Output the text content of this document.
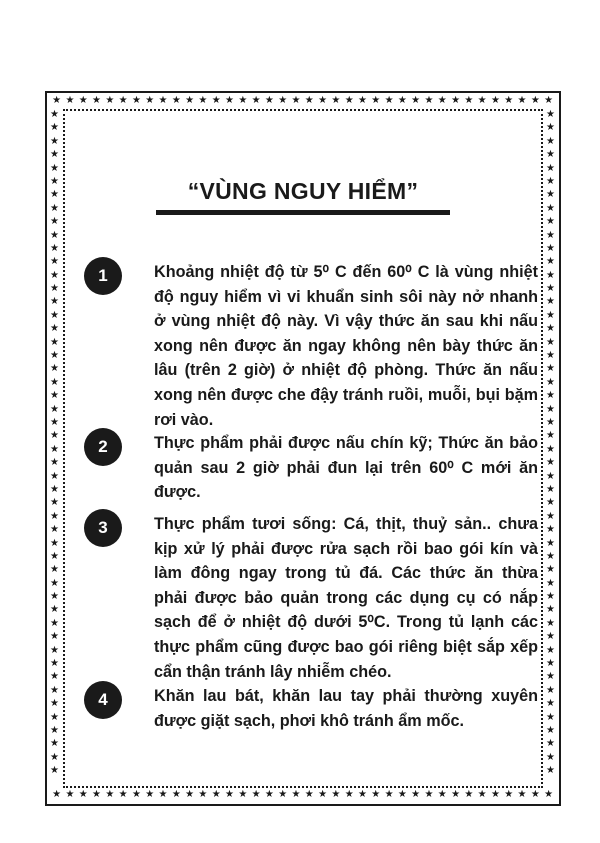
★ ★ ★ ★ ★ ★ ★ ★ ★ ★ ★ ★ ★ ★ ★ ★ ★ ★ ★ ★ ★ ★ ★ ★ ★ ★ ★ ★ ★ ★ ★ ★ ★ ★ ★ ★ ★ ★
★ ★ ★ ★ ★ ★ ★ ★ ★ ★ ★ ★ ★ ★ ★ ★ ★ ★ ★ ★ ★ ★ ★ ★ ★ ★ ★ ★ ★ ★ ★ ★ ★ ★ ★ ★ ★ ★
★
★
★
★
★
★
★
★
★
★
★
★
★
★
★
★
★
★
★
★
★
★
★
★
★
★
★
★
★
★
★
★
★
★
★
★
★
★
★
★
★
★
★
★
★
★
★
★
★
★
★
★
★
★
★
★
★
★
★
★
★
★
★
★
★
★
★
★
★
★
★
★
★
★
★
★
★
★
★
★
★
★
★
★
★
★
★
★
★
★
★
★
★
★
★
★
★
★
★
★
“VÙNG NGUY HIỂM”
1	Khoảng nhiệt độ từ 5⁰ C đến 60⁰ C là vùng nhiệt độ nguy hiểm vì vi khuẩn sinh sôi này nở nhanh ở vùng nhiệt độ này. Vì vậy thức ăn sau khi nấu xong nên được ăn ngay không nên bày thức ăn lâu (trên 2 giờ) ở nhiệt độ phòng. Thức ăn nấu xong nên được che đậy tránh ruồi, muỗi, bụi bặm rơi vào.
2	Thực phẩm phải được nấu chín kỹ; Thức ăn bảo quản sau 2 giờ phải đun lại trên 60⁰ C mới ăn được.
3	Thực phẩm tươi sống: Cá, thịt, thuỷ sản.. chưa kịp xử lý phải được rửa sạch rồi bao gói kín và làm đông ngay trong tủ đá. Các thức ăn thừa phải được bảo quản trong các dụng cụ có nắp sạch để ở nhiệt độ dưới 5⁰C. Trong tủ lạnh các thực phẩm cũng được bao gói riêng biệt sắp xếp cẩn thận tránh lây nhiễm chéo.
4	Khăn lau bát, khăn lau tay phải thường xuyên được giặt sạch, phơi khô tránh ẩm mốc.
